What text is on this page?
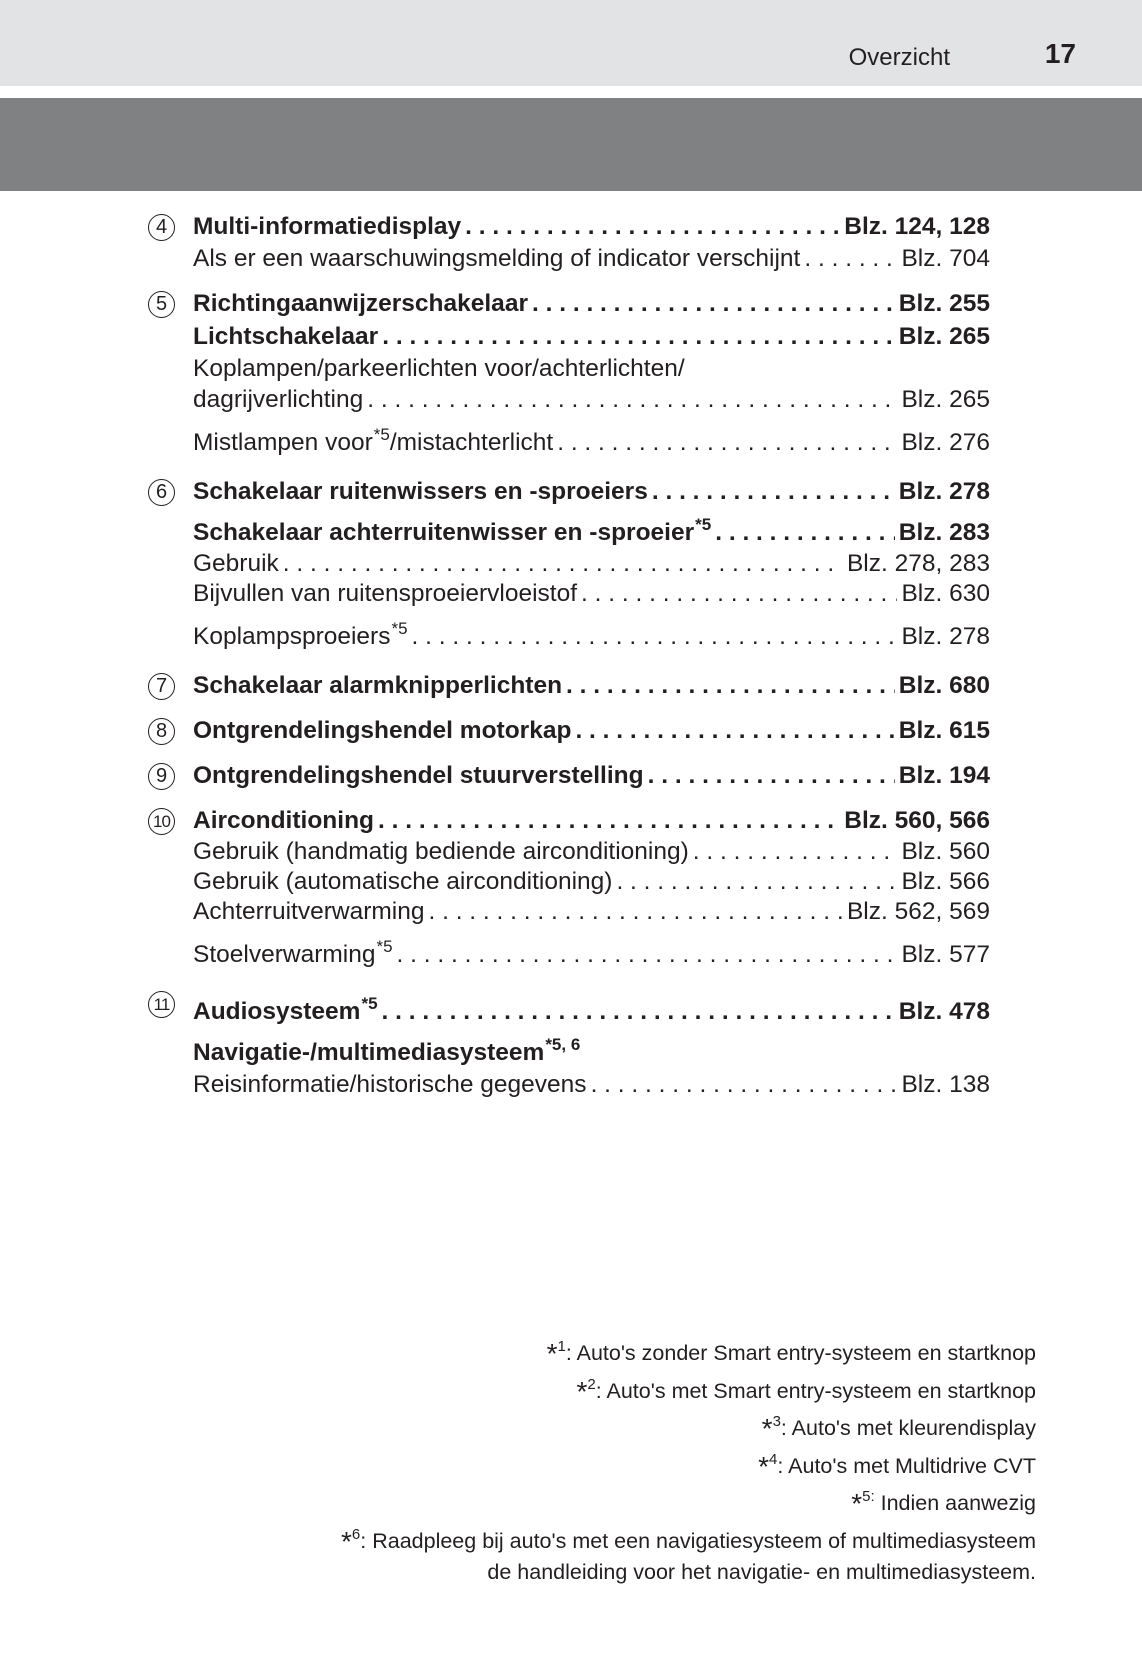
Overzicht	17
4	Multi-informatiedisplay . . .	Blz. 124, 128
Als er een waarschuwingsmelding of indicator verschijnt . . .	Blz. 704
5	Richtingaanwijzerschakelaar . . .	Blz. 255
Lichtschakelaar . . .	Blz. 265
Koplampen/parkeerlichten voor/achterlichten/
dagrijverlichting . . .	Blz. 265
Mistlampen voor$^{*5}$/mistachterlicht . . .	Blz. 276
6	Schakelaar ruitenwissers en -sproeiers . . .	Blz. 278
Schakelaar achterruitenwisser en -sproeier$^{*5}$ . . .	Blz. 283
Gebruik . . .	Blz. 278, 283
Bijvullen van ruitensproeiervloeistof . . .	Blz. 630
Koplampsproeiers$^{*5}$ . . .	Blz. 278
7	Schakelaar alarmknipperlichten . . .	Blz. 680
8	Ontgrendelingshendel motorkap . . .	Blz. 615
9	Ontgrendelingshendel stuurverstelling . . .	Blz. 194
10 Airconditioning . . .	Blz. 560, 566
Gebruik (handmatig bediende airconditioning) . . .	Blz. 560
Gebruik (automatische airconditioning) . . .	Blz. 566
Achterruitverwarming . . .	Blz. 562, 569
Stoelverwarming$^{*5}$ . . .	Blz. 577
11 Audiosysteem$^{*5}$ . . .	Blz. 478
Navigatie-/multimediasysteem$^{*5, 6}$
Reisinformatie/historische gegevens . . .	Blz. 138
*$^1$: Auto's zonder Smart entry-systeem en startknop
*$^2$: Auto's met Smart entry-systeem en startknop
*$^3$: Auto's met kleurendisplay
*$^4$: Auto's met Multidrive CVT
*$^{5:}$ Indien aanwezig
*$^6$: Raadpleeg bij auto's met een navigatiesysteem of multimediasysteem
de handleiding voor het navigatie- en multimediasysteem.
